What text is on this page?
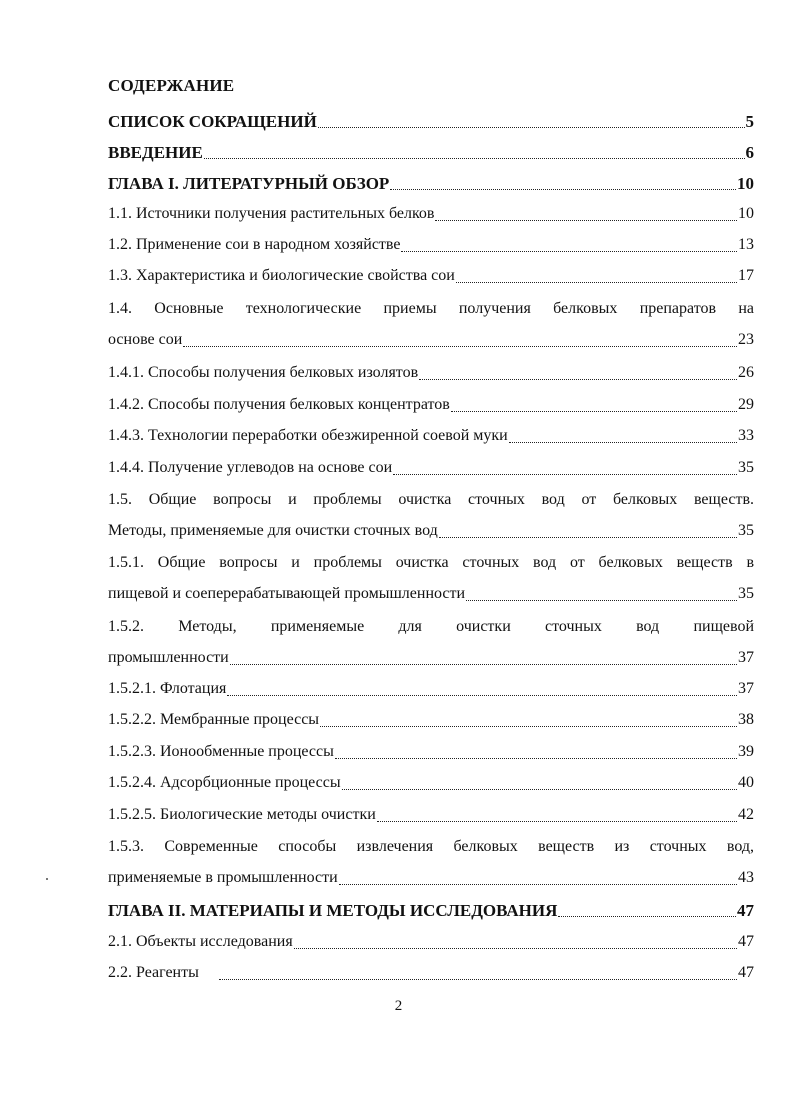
СОДЕРЖАНИЕ
СПИСОК СОКРАЩЕНИЙ	5
ВВЕДЕНИЕ	6
ГЛАВА I. ЛИТЕРАТУРНЫЙ ОБЗОР	10
1.1. Источники получения растительных белков	10
1.2. Применение сои в народном хозяйстве	13
1.3. Характеристика и биологические свойства сои	17
1.4. Основные технологические приемы получения белковых препаратов на
основе сои	23
1.4.1. Способы получения белковых изолятов	26
1.4.2. Способы получения белковых концентратов	29
1.4.3. Технологии переработки обезжиренной соевой муки	33
1.4.4. Получение углеводов на основе сои	35
1.5. Общие вопросы и проблемы очистка сточных вод от белковых веществ.
Методы, применяемые для очистки сточных вод	35
1.5.1. Общие вопросы и проблемы очистка сточных вод от белковых веществ в
пищевой и соеперерабатывающей промышленности	35
1.5.2. Методы, применяемые для очистки сточных вод пищевой
промышленности	37
1.5.2.1. Флотация	37
1.5.2.2. Мембранные процессы	38
1.5.2.3. Ионообменные процессы	39
1.5.2.4. Адсорбционные процессы	40
1.5.2.5. Биологические методы очистки	42
1.5.3. Современные способы извлечения белковых веществ из сточных вод,
применяемые в промышленности	43
ГЛАВА II. МАТЕРИАПЫ И МЕТОДЫ ИССЛЕДОВАНИЯ	47
2.1. Объекты исследования	47
2.2. Реагенты	47
2
